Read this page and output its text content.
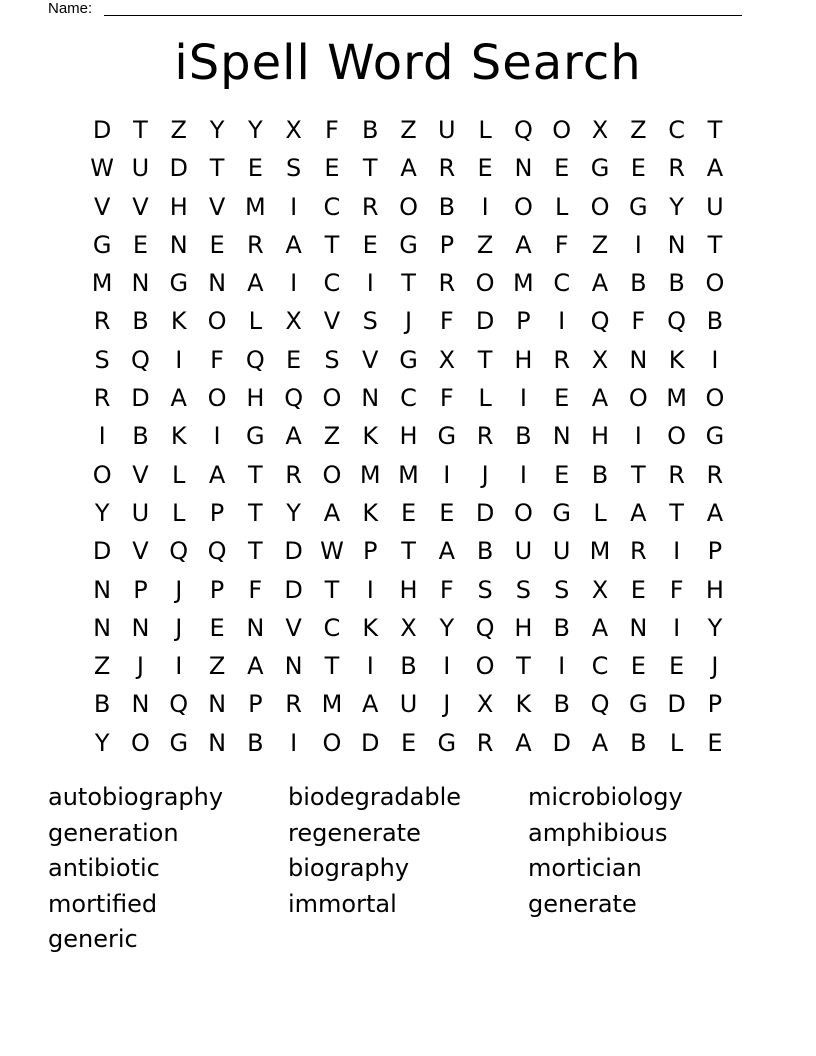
Name:
iSpell Word Search
D T Z Y Y X F B Z U L Q O X Z C T
W U D T E S E T A R E N E G E R A
V V H V M	I	C R O B	I	O L O G Y U
G E N E R A T E G P Z A F Z	I	N T
M N G N A	I	C	I	T R O M C A B B O
R B K O L X V S	J	F D P	I	Q F Q B
S Q	I	F Q E S V G X T H R X N K	I
R D A O H Q O N C F	L	I	E A O M O
I	B K	I	G A Z K H G R B N H	I	O G
O V L A T R O M M	I	J	I	E B T R R
Y U L	P T Y A K E E D O G L A T A
D V Q Q T D W P T A B U U M R	I	P
N P	J	P	F D T	I	H F S S S X E F H
N N	J	E N V C K X Y Q H B A N	I	Y
Z	J	I	Z A N T	I	B	I	O T	I	C E E	J
B N Q N P R M A U	J	X K B Q G D P
Y O G N B	I	O D E G R A D A B L	E
autobiography	biodegradable	microbiology
generation	regenerate	amphibious
antibiotic	biography	mortician
mortified	immortal	generate
generic
